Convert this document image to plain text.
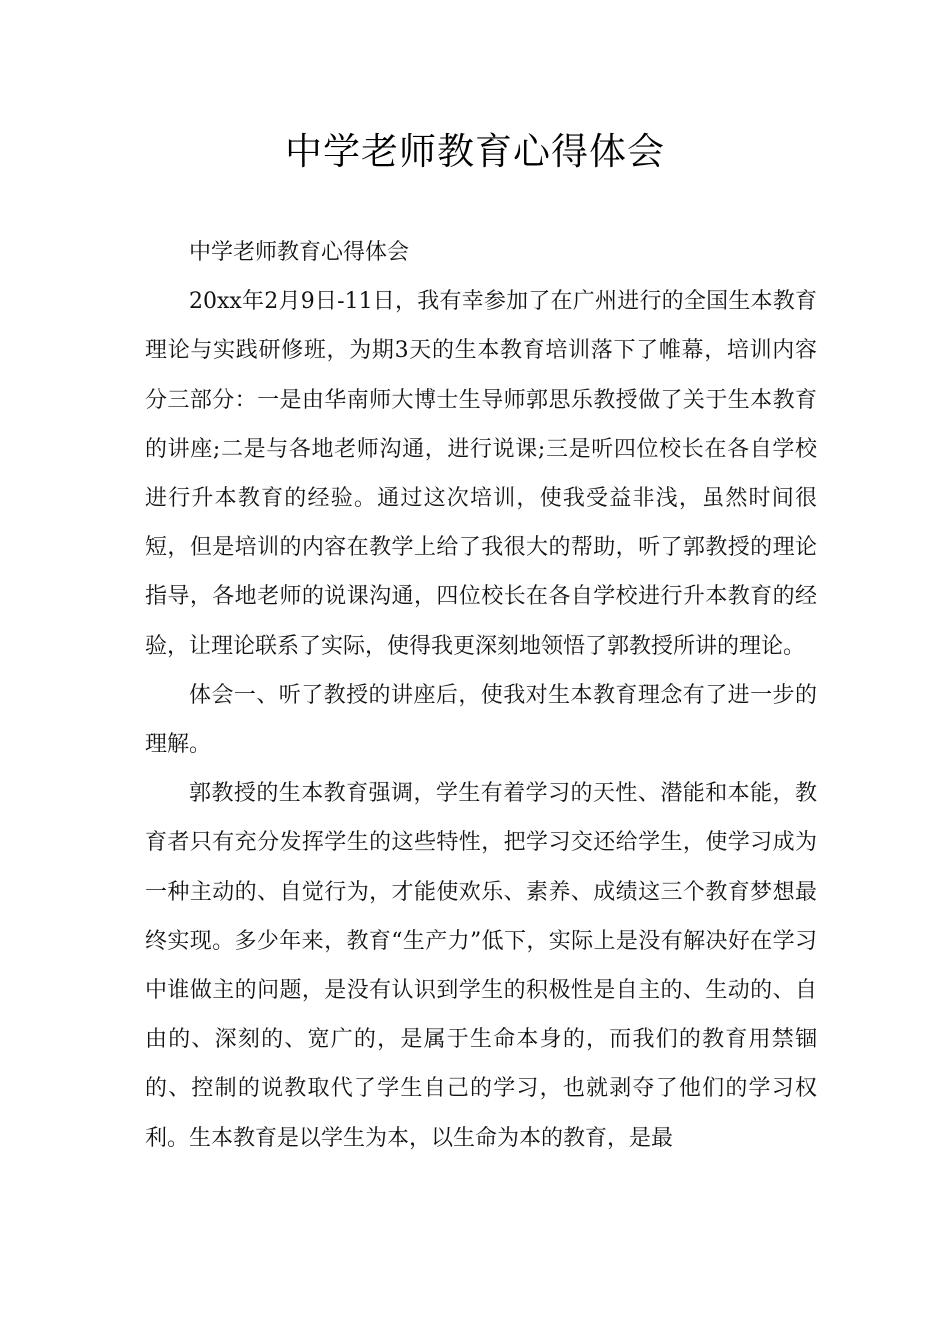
中学老师教育心得体会

中学老师教育心得体会

20xx年2月9日-11日，我有幸参加了在广州进行的全国生本教育理论与实践研修班，为期3天的生本教育培训落下了帷幕，培训内容分三部分：一是由华南师大博士生导师郭思乐教授做了关于生本教育的讲座;二是与各地老师沟通，进行说课;三是听四位校长在各自学校进行升本教育的经验。通过这次培训，使我受益非浅，虽然时间很短，但是培训的内容在教学上给了我很大的帮助，听了郭教授的理论指导，各地老师的说课沟通，四位校长在各自学校进行升本教育的经验，让理论联系了实际，使得我更深刻地领悟了郭教授所讲的理论。

体会一、听了教授的讲座后，使我对生本教育理念有了进一步的理解。

郭教授的生本教育强调，学生有着学习的天性、潜能和本能，教育者只有充分发挥学生的这些特性，把学习交还给学生，使学习成为一种主动的、自觉行为，才能使欢乐、素养、成绩这三个教育梦想最终实现。多少年来，教育“生产力”低下，实际上是没有解决好在学习中谁做主的问题，是没有认识到学生的积极性是自主的、生动的、自由的、深刻的、宽广的，是属于生命本身的，而我们的教育用禁锢的、控制的说教取代了学生自己的学习，也就剥夺了他们的学习权利。生本教育是以学生为本，以生命为本的教育，是最
